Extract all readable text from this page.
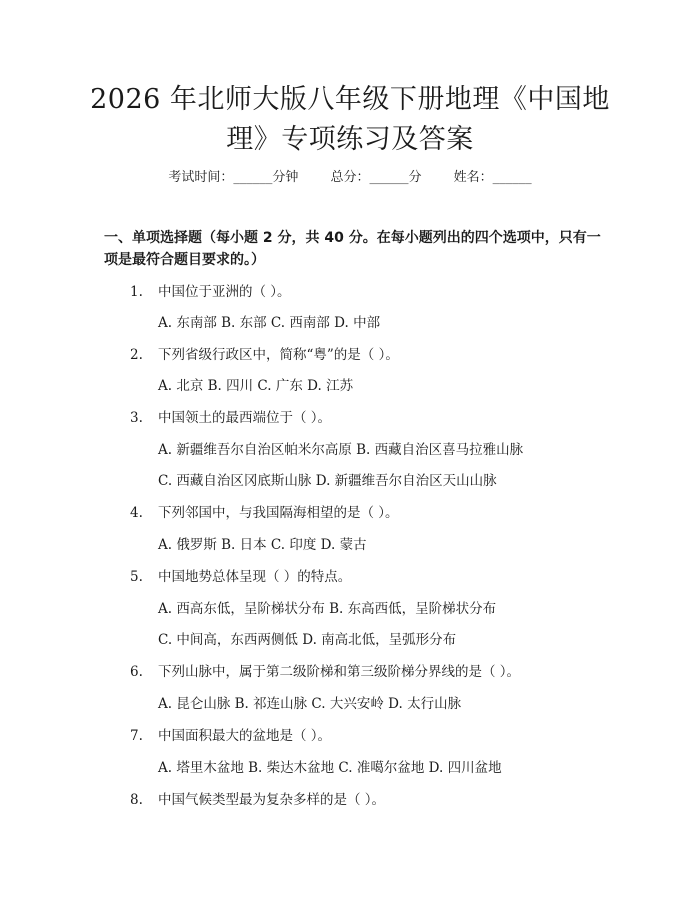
2026 年北师大版八年级下册地理《中国地
理》专项练习及答案
考试时间：______分钟 总分：______分 姓名：______
一、单项选择题（每小题 2 分，共 40 分。在每小题列出的四个选项中，只有一项是最符合题目要求的。）
1. 中国位于亚洲的（ ）。
A. 东南部 B. 东部 C. 西南部 D. 中部
2. 下列省级行政区中，简称“粤”的是（ ）。
A. 北京 B. 四川 C. 广东 D. 江苏
3. 中国领土的最西端位于（ ）。
A. 新疆维吾尔自治区帕米尔高原 B. 西藏自治区喜马拉雅山脉
C. 西藏自治区冈底斯山脉 D. 新疆维吾尔自治区天山山脉
4. 下列邻国中，与我国隔海相望的是（ ）。
A. 俄罗斯 B. 日本 C. 印度 D. 蒙古
5. 中国地势总体呈现（ ）的特点。
A. 西高东低，呈阶梯状分布 B. 东高西低，呈阶梯状分布
C. 中间高，东西两侧低 D. 南高北低，呈弧形分布
6. 下列山脉中，属于第二级阶梯和第三级阶梯分界线的是（ ）。
A. 昆仑山脉 B. 祁连山脉 C. 大兴安岭 D. 太行山脉
7. 中国面积最大的盆地是（ ）。
A. 塔里木盆地 B. 柴达木盆地 C. 准噶尔盆地 D. 四川盆地
8. 中国气候类型最为复杂多样的是（ ）。
